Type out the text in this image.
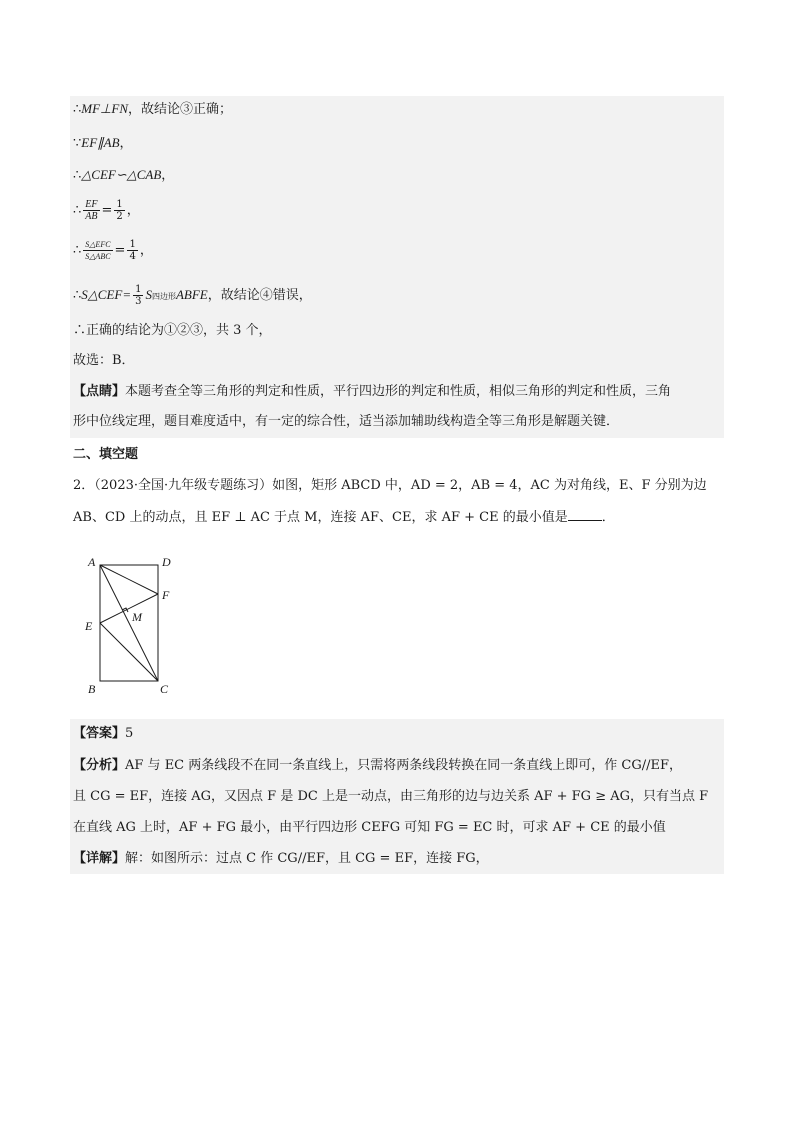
∴MF⊥FN，故结论③正确；
∵EF∥AB，
∴△CEF∽△CAB，
∴ $\frac{EF}{AB} = \frac{1}{2}$ ，
∴ $\frac{\text{S△EFC}}{\text{S△ABC}} = \frac{1}{4}$ ，
∴S△CEF= $\frac{1}{3}$ S四边形ABFE，故结论④错误，
∴正确的结论为①②③，共 3 个，
故选：B．
【点睛】本题考查全等三角形的判定和性质，平行四边形的判定和性质，相似三角形的判定和性质，三角
形中位线定理，题目难度适中，有一定的综合性，适当添加辅助线构造全等三角形是解题关键．
二、填空题
2．（2023·全国·九年级专题练习）如图，矩形 ABCD 中，AD = 2，AB = 4，AC 为对角线，E、F 分别为边
AB、CD 上的动点，且 EF ⊥ AC 于点 M，连接 AF、CE，求 AF + CE 的最小值是	．
A	D
F
M
E
B	C
【答案】5
【分析】AF 与 EC 两条线段不在同一条直线上，只需将两条线段转换在同一条直线上即可，作 CG//EF，
且 CG = EF，连接 AG，又因点 F 是 DC 上是一动点，由三角形的边与边关系 AF + FG ≥ AG，只有当点 F
在直线 AG 上时，AF + FG 最小，由平行四边形 CEFG 可知 FG = EC 时，可求 AF + CE 的最小值
【详解】解：如图所示：过点 C 作 CG//EF，且 CG = EF，连接 FG，
